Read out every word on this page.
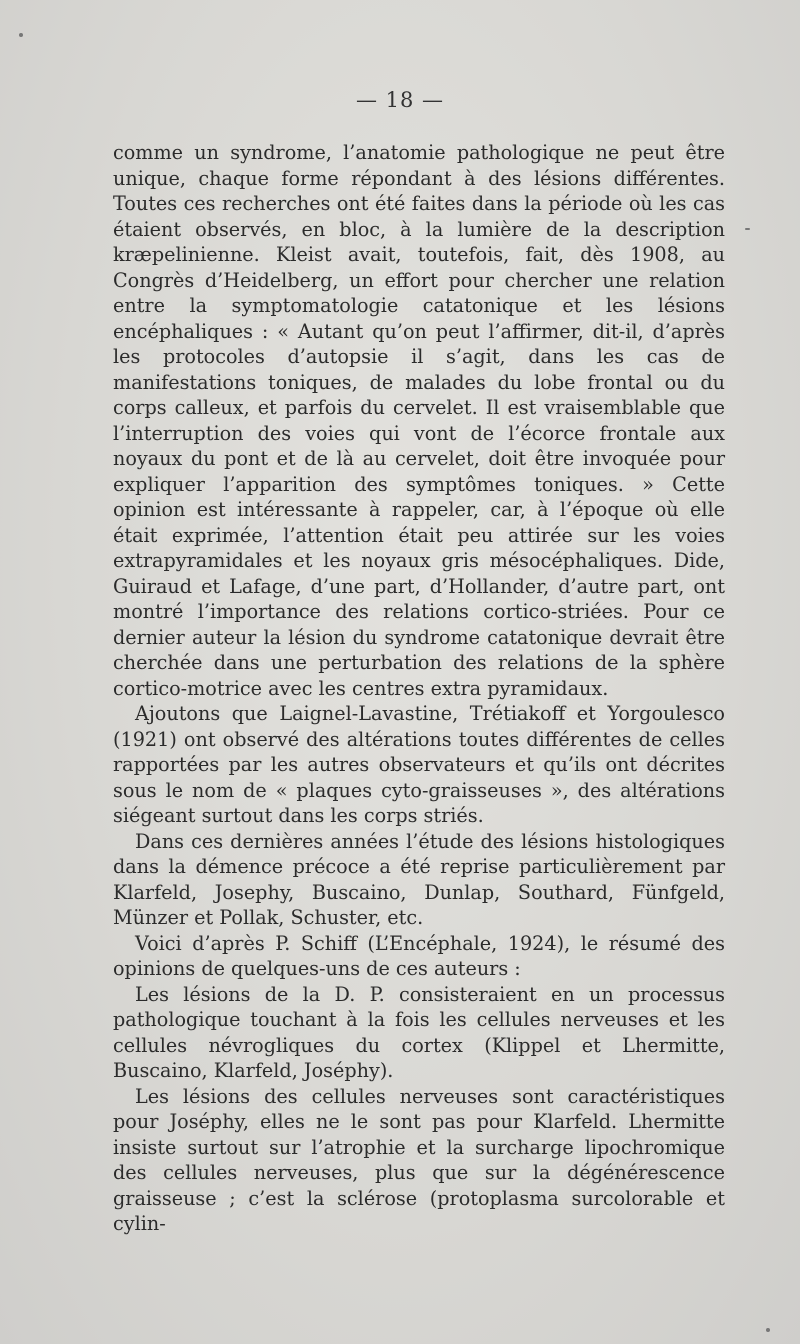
— 18 —

comme un syndrome, l’anatomie pathologique ne peut être unique, chaque forme répondant à des lésions différentes. Toutes ces recherches ont été faites dans la période où les cas étaient observés, en bloc, à la lumière de la description kræpelinienne. Kleist avait, toutefois, fait, dès 1908, au Congrès d’Heidelberg, un effort pour chercher une relation entre la symptomatologie catatonique et les lésions encéphaliques : « Autant qu’on peut l’affirmer, dit-il, d’après les protocoles d’autopsie il s’agit, dans les cas de manifestations toniques, de malades du lobe frontal ou du corps calleux, et parfois du cervelet. Il est vraisemblable que l’interruption des voies qui vont de l’écorce frontale aux noyaux du pont et de là au cervelet, doit être invoquée pour expliquer l’apparition des symptômes toniques. » Cette opinion est intéressante à rappeler, car, à l’époque où elle était exprimée, l’attention était peu attirée sur les voies extrapyramidales et les noyaux gris mésocéphaliques. Dide, Guiraud et Lafage, d’une part, d’Hollander, d’autre part, ont montré l’importance des relations cortico-striées. Pour ce dernier auteur la lésion du syndrome catatonique devrait être cherchée dans une perturbation des relations de la sphère cortico-motrice avec les centres extra pyramidaux.

Ajoutons que Laignel-Lavastine, Trétiakoff et Yorgoulesco (1921) ont observé des altérations toutes différentes de celles rapportées par les autres observateurs et qu’ils ont décrites sous le nom de « plaques cyto-graisseuses », des altérations siégeant surtout dans les corps striés.

Dans ces dernières années l’étude des lésions histologiques dans la démence précoce a été reprise particulièrement par Klarfeld, Josephy, Buscaino, Dunlap, Southard, Fünfgeld, Münzer et Pollak, Schuster, etc.

Voici d’après P. Schiff (L’Encéphale, 1924), le résumé des opinions de quelques-uns de ces auteurs :

Les lésions de la D. P. consisteraient en un processus pathologique touchant à la fois les cellules nerveuses et les cellules névrogliques du cortex (Klippel et Lhermitte, Buscaino, Klarfeld, Joséphy).

Les lésions des cellules nerveuses sont caractéristiques pour Joséphy, elles ne le sont pas pour Klarfeld. Lhermitte insiste surtout sur l’atrophie et la surcharge lipochromique des cellules nerveuses, plus que sur la dégénérescence graisseuse ; c’est la sclérose (protoplasma surcolorable et cylin-
